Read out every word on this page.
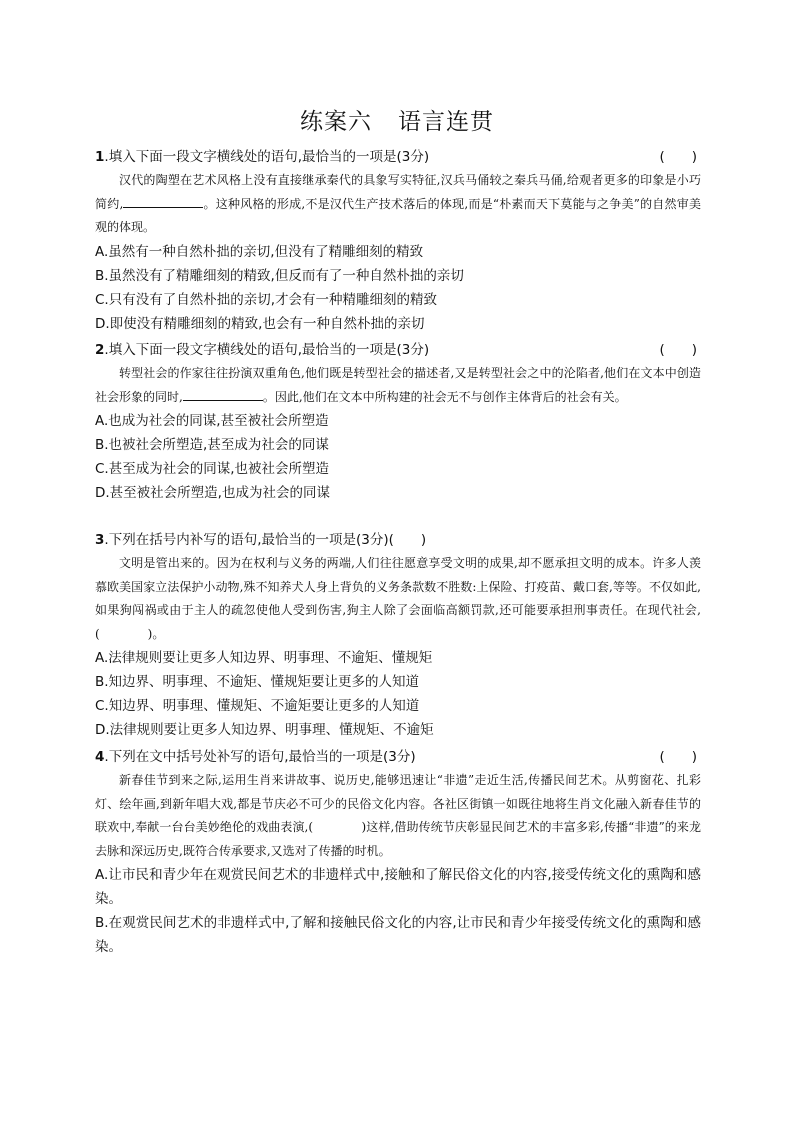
练案六 语言连贯
1.填入下面一段文字横线处的语句,最恰当的一项是(3分)	(　　)

汉代的陶塑在艺术风格上没有直接继承秦代的具象写实特征,汉兵马俑较之秦兵马俑,给观者更多的印象是小巧简约,	。这种风格的形成,不是汉代生产技术落后的体现,而是“朴素而天下莫能与之争美”的自然审美观的体现。

A.虽然有一种自然朴拙的亲切,但没有了精雕细刻的精致

B.虽然没有了精雕细刻的精致,但反而有了一种自然朴拙的亲切

C.只有没有了自然朴拙的亲切,才会有一种精雕细刻的精致

D.即使没有精雕细刻的精致,也会有一种自然朴拙的亲切

2.填入下面一段文字横线处的语句,最恰当的一项是(3分)	(　　)

转型社会的作家往往扮演双重角色,他们既是转型社会的描述者,又是转型社会之中的沦陷者,他们在文本中创造社会形象的同时,	。因此,他们在文本中所构建的社会无不与创作主体背后的社会有关。

A.也成为社会的同谋,甚至被社会所塑造

B.也被社会所塑造,甚至成为社会的同谋

C.甚至成为社会的同谋,也被社会所塑造

D.甚至被社会所塑造,也成为社会的同谋

3.下列在括号内补写的语句,最恰当的一项是(3分)(　　)

文明是管出来的。因为在权利与义务的两端,人们往往愿意享受文明的成果,却不愿承担文明的成本。许多人羡慕欧美国家立法保护小动物,殊不知养犬人身上背负的义务条款数不胜数:上保险、打疫苗、戴口套,等等。不仅如此,如果狗闯祸或由于主人的疏忽使他人受到伤害,狗主人除了会面临高额罚款,还可能要承担刑事责任。在现代社会,(　　　　)。

A.法律规则要让更多人知边界、明事理、不逾矩、懂规矩

B.知边界、明事理、不逾矩、懂规矩要让更多的人知道

C.知边界、明事理、懂规矩、不逾矩要让更多的人知道

D.法律规则要让更多人知边界、明事理、懂规矩、不逾矩

4.下列在文中括号处补写的语句,最恰当的一项是(3分)	(　　)

新春佳节到来之际,运用生肖来讲故事、说历史,能够迅速让“非遗”走近生活,传播民间艺术。从剪窗花、扎彩灯、绘年画,到新年唱大戏,都是节庆必不可少的民俗文化内容。各社区街镇一如既往地将生肖文化融入新春佳节的联欢中,奉献一台台美妙绝伦的戏曲表演,(　　　　)这样,借助传统节庆彰显民间艺术的丰富多彩,传播“非遗”的来龙去脉和深远历史,既符合传承要求,又选对了传播的时机。

A.让市民和青少年在观赏民间艺术的非遗样式中,接触和了解民俗文化的内容,接受传统文化的熏陶和感染。

B.在观赏民间艺术的非遗样式中,了解和接触民俗文化的内容,让市民和青少年接受传统文化的熏陶和感染。
